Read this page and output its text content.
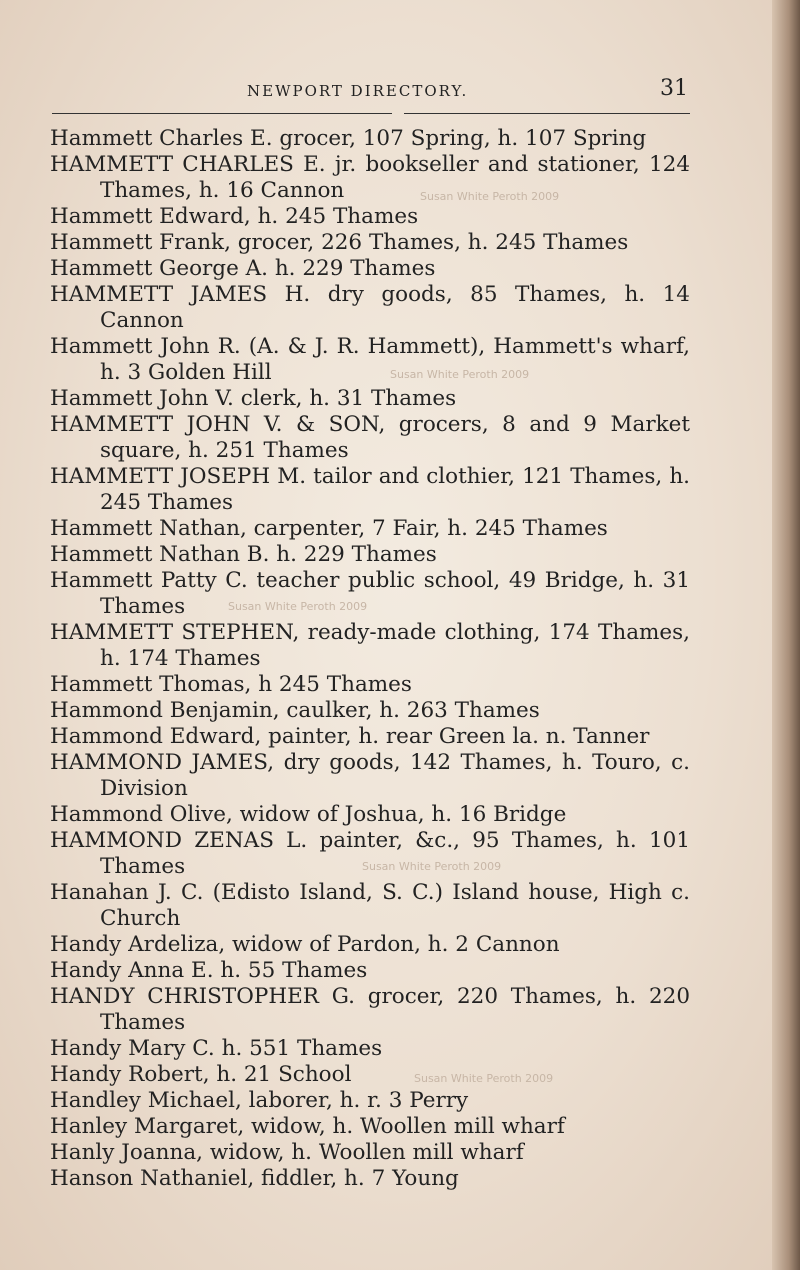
NEWPORT DIRECTORY.	31
Hammett Charles E. grocer, 107 Spring, h. 107 Spring
HAMMETT CHARLES E. jr. bookseller and stationer, 124 Thames, h. 16 Cannon
Hammett Edward, h. 245 Thames
Hammett Frank, grocer, 226 Thames, h. 245 Thames
Hammett George A. h. 229 Thames
HAMMETT JAMES H. dry goods, 85 Thames, h. 14 Cannon
Hammett John R. (A. & J. R. Hammett), Hammett's wharf, h. 3 Golden Hill
Hammett John V. clerk, h. 31 Thames
HAMMETT JOHN V. & SON, grocers, 8 and 9 Market square, h. 251 Thames
HAMMETT JOSEPH M. tailor and clothier, 121 Thames, h. 245 Thames
Hammett Nathan, carpenter, 7 Fair, h. 245 Thames
Hammett Nathan B. h. 229 Thames
Hammett Patty C. teacher public school, 49 Bridge, h. 31 Thames
HAMMETT STEPHEN, ready-made clothing, 174 Thames, h. 174 Thames
Hammett Thomas, h 245 Thames
Hammond Benjamin, caulker, h. 263 Thames
Hammond Edward, painter, h. rear Green la. n. Tanner
HAMMOND JAMES, dry goods, 142 Thames, h. Touro, c. Division
Hammond Olive, widow of Joshua, h. 16 Bridge
HAMMOND ZENAS L. painter, &c., 95 Thames, h. 101 Thames
Hanahan J. C. (Edisto Island, S. C.) Island house, High c. Church
Handy Ardeliza, widow of Pardon, h. 2 Cannon
Handy Anna E. h. 55 Thames
HANDY CHRISTOPHER G. grocer, 220 Thames, h. 220 Thames
Handy Mary C. h. 551 Thames
Handy Robert, h. 21 School
Handley Michael, laborer, h. r. 3 Perry
Hanley Margaret, widow, h. Woollen mill wharf
Hanly Joanna, widow, h. Woollen mill wharf
Hanson Nathaniel, fiddler, h. 7 Young
Susan White Peroth 2009
Susan White Peroth 2009
Susan White Peroth 2009
Susan White Peroth 2009
Susan White Peroth 2009
